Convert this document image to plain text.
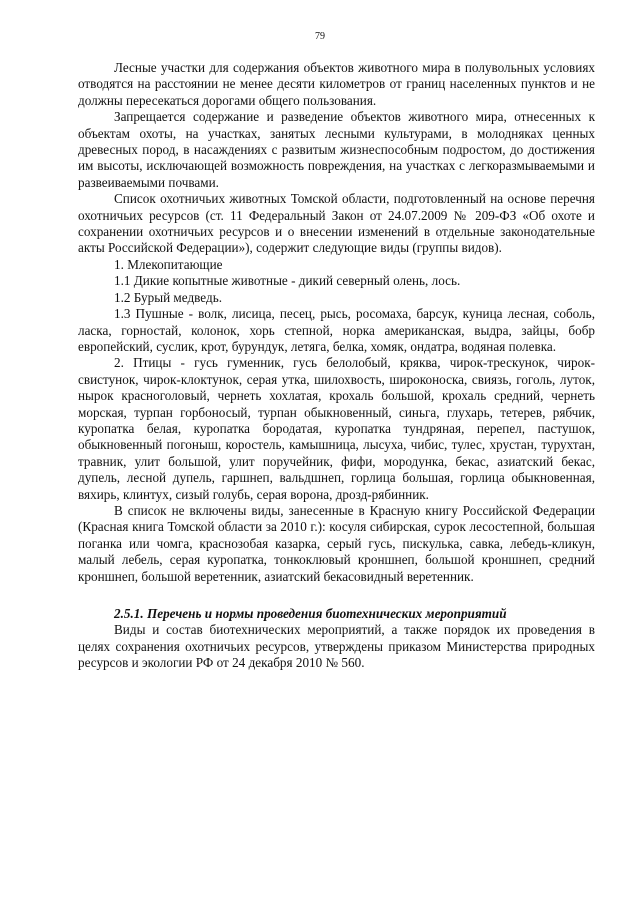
79

Лесные участки для содержания объектов животного мира в полувольных условиях отводятся на расстоянии не менее десяти километров от границ населенных пунктов и не должны пересекаться дорогами общего пользования.

Запрещается содержание и разведение объектов животного мира, отнесенных к объектам охоты, на участках, занятых лесными культурами, в молодняках ценных древесных пород, в насаждениях с развитым жизнеспособным подростом, до достижения им высоты, исключающей возможность повреждения, на участках с легкоразмываемыми и развеиваемыми почвами.

Список охотничьих животных Томской области, подготовленный на основе перечня охотничьих ресурсов (ст. 11 Федеральный Закон от 24.07.2009 № 209-ФЗ «Об охоте и сохранении охотничьих ресурсов и о внесении изменений в отдельные законодательные акты Российской Федерации»), содержит следующие виды (группы видов).

1. Млекопитающие

1.1 Дикие копытные животные - дикий северный олень, лось.

1.2 Бурый медведь.

1.3 Пушные - волк, лисица, песец, рысь, росомаха, барсук, куница лесная, соболь, ласка, горностай, колонок, хорь степной, норка американская, выдра, зайцы, бобр европейский, суслик, крот, бурундук, летяга, белка, хомяк, ондатра, водяная полевка.

2. Птицы - гусь гуменник, гусь белолобый, кряква, чирок-трескунок, чирок-свистунок, чирок-клоктунок, серая утка, шилохвость, широконоска, свиязь, гоголь, луток, нырок красноголовый, чернеть хохлатая, крохаль большой, крохаль средний, чернеть морская, турпан горбоносый, турпан обыкновенный, синьга, глухарь, тетерев, рябчик, куропатка белая, куропатка бородатая, куропатка тундряная, перепел, пастушок, обыкновенный погоныш, коростель, камышница, лысуха, чибис, тулес, хрустан, турухтан, травник, улит большой, улит поручейник, фифи, мородунка, бекас, азиатский бекас, дупель, лесной дупель, гаршнеп, вальдшнеп, горлица большая, горлица обыкновенная, вяхирь, клинтух, сизый голубь, серая ворона, дрозд-рябинник.

В список не включены виды, занесенные в Красную книгу Российской Федерации (Красная книга Томской области за 2010 г.): косуля сибирская, сурок лесостепной, большая поганка или чомга, краснозобая казарка, серый гусь, пискулька, савка, лебедь-кликун, малый лебель, серая куропатка, тонкоклювый кроншнеп, большой кроншнеп, средний кроншнеп, большой веретенник, азиатский бекасовидный веретенник.

2.5.1. Перечень и нормы проведения биотехнических мероприятий

Виды и состав биотехнических мероприятий, а также порядок их проведения в целях сохранения охотничьих ресурсов, утверждены приказом Министерства природных ресурсов и экологии РФ от 24 декабря 2010 № 560.
